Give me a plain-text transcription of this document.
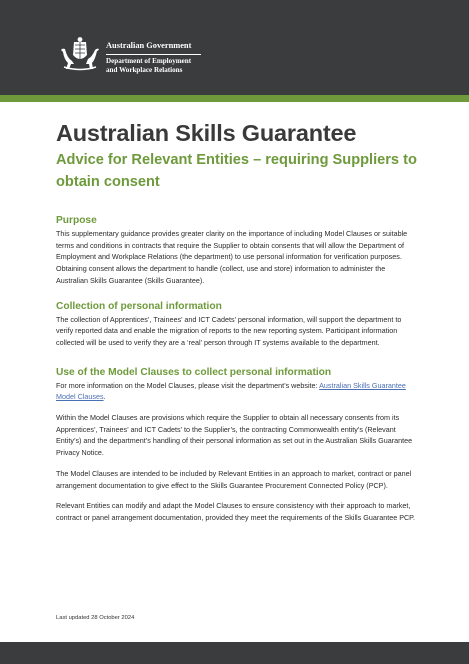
Australian Government
Department of Employment
and Workplace Relations
Australian Skills Guarantee
Advice for Relevant Entities – requiring Suppliers to obtain consent
Purpose

This supplementary guidance provides greater clarity on the importance of including Model Clauses or suitable terms and conditions in contracts that require the Supplier to obtain consents that will allow the Department of Employment and Workplace Relations (the department) to use personal information for verification purposes. Obtaining consent allows the department to handle (collect, use and store) information to administer the Australian Skills Guarantee (Skills Guarantee).

Collection of personal information

The collection of Apprentices’, Trainees’ and ICT Cadets’ personal information, will support the department to verify reported data and enable the migration of reports to the new reporting system. Participant information collected will be used to verify they are a ‘real’ person through IT systems available to the department.

Use of the Model Clauses to collect personal information

For more information on the Model Clauses, please visit the department’s website: Australian Skills Guarantee Model Clauses.

Within the Model Clauses are provisions which require the Supplier to obtain all necessary consents from its Apprentices’, Trainees’ and ICT Cadets’ to the Supplier’s, the contracting Commonwealth entity’s (Relevant Entity’s) and the department’s handling of their personal information as set out in the Australian Skills Guarantee Privacy Notice.

The Model Clauses are intended to be included by Relevant Entities in an approach to market, contract or panel arrangement documentation to give effect to the Skills Guarantee Procurement Connected Policy (PCP).

Relevant Entities can modify and adapt the Model Clauses to ensure consistency with their approach to market, contract or panel arrangement documentation, provided they meet the requirements of the Skills Guarantee PCP.

Last updated 28 October 2024
